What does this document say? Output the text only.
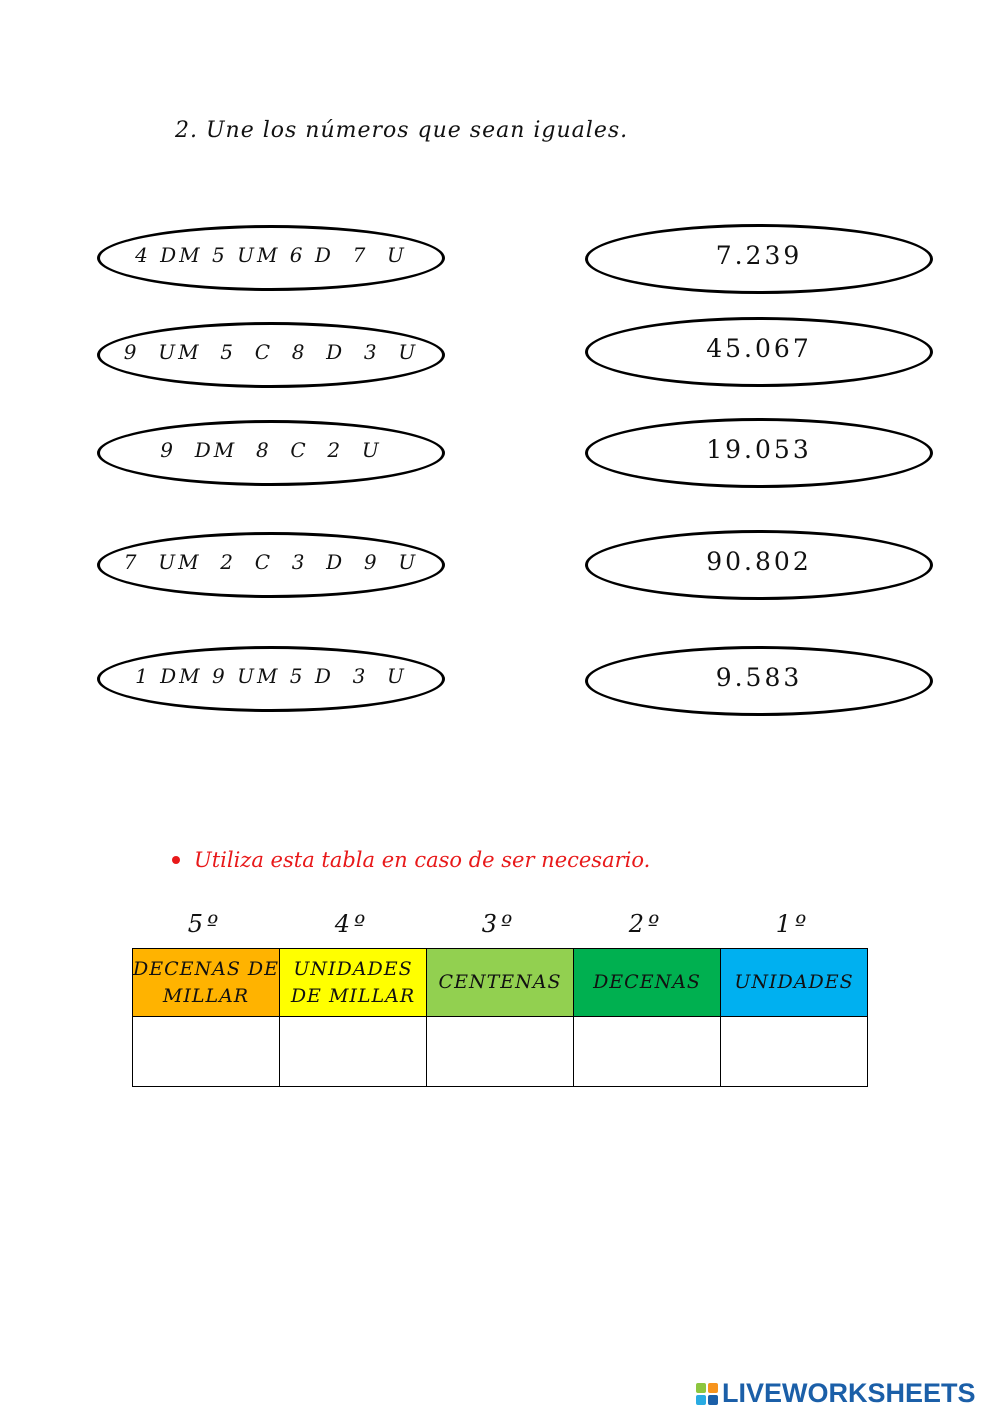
2. Une los números que sean iguales.
4 DM 5 UM 6 D  7  U
9  UM  5  C  8  D  3  U
9  DM  8  C  2  U
7  UM  2  C  3  D  9  U
1 DM 9 UM 5 D  3  U
7.239
45.067
19.053
90.802
9.583
Utiliza esta tabla en caso de ser necesario.
5º	4º	3º	2º	1º
DECENAS DE MILLAR	UNIDADES DE MILLAR	CENTENAS	DECENAS	UNIDADES

LIVEWORKSHEETS
